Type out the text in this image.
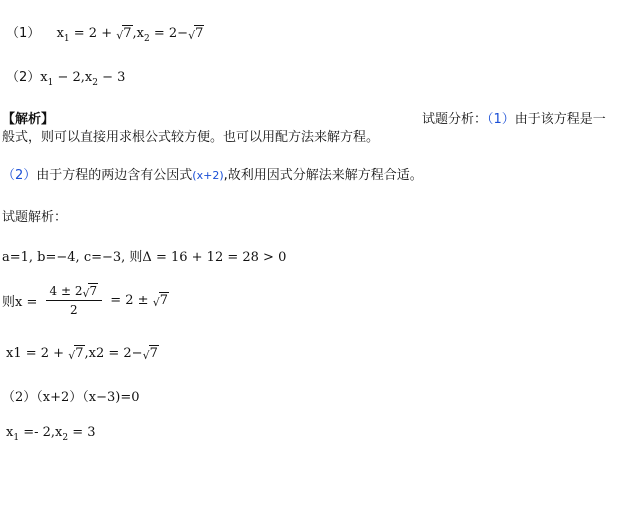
（1） $x_1 = 2 + √7,x_2 = 2-√7$
$(2)x_1 - 2,x_2 - 3$
【解析】	试题分析：（1）由于该方程是一
般式，则可以直接用求根公式较方便。也可以用配方法来解方程。
（2）由于方程的两边含有公因式(x+2),故利用因式分解法来解方程合适。
试题解析：
a=1, b=−4, c=−3, 则Δ = 16 + 12 = 28 > 0
则$x = \frac{4 \pm 2√7}{2} = 2 \pm √7$
x1 = 2 + √7,x2 = 2−√7
（2）（x+2）（x−3)=0
$x_1 =- 2,x_2 = 3$
